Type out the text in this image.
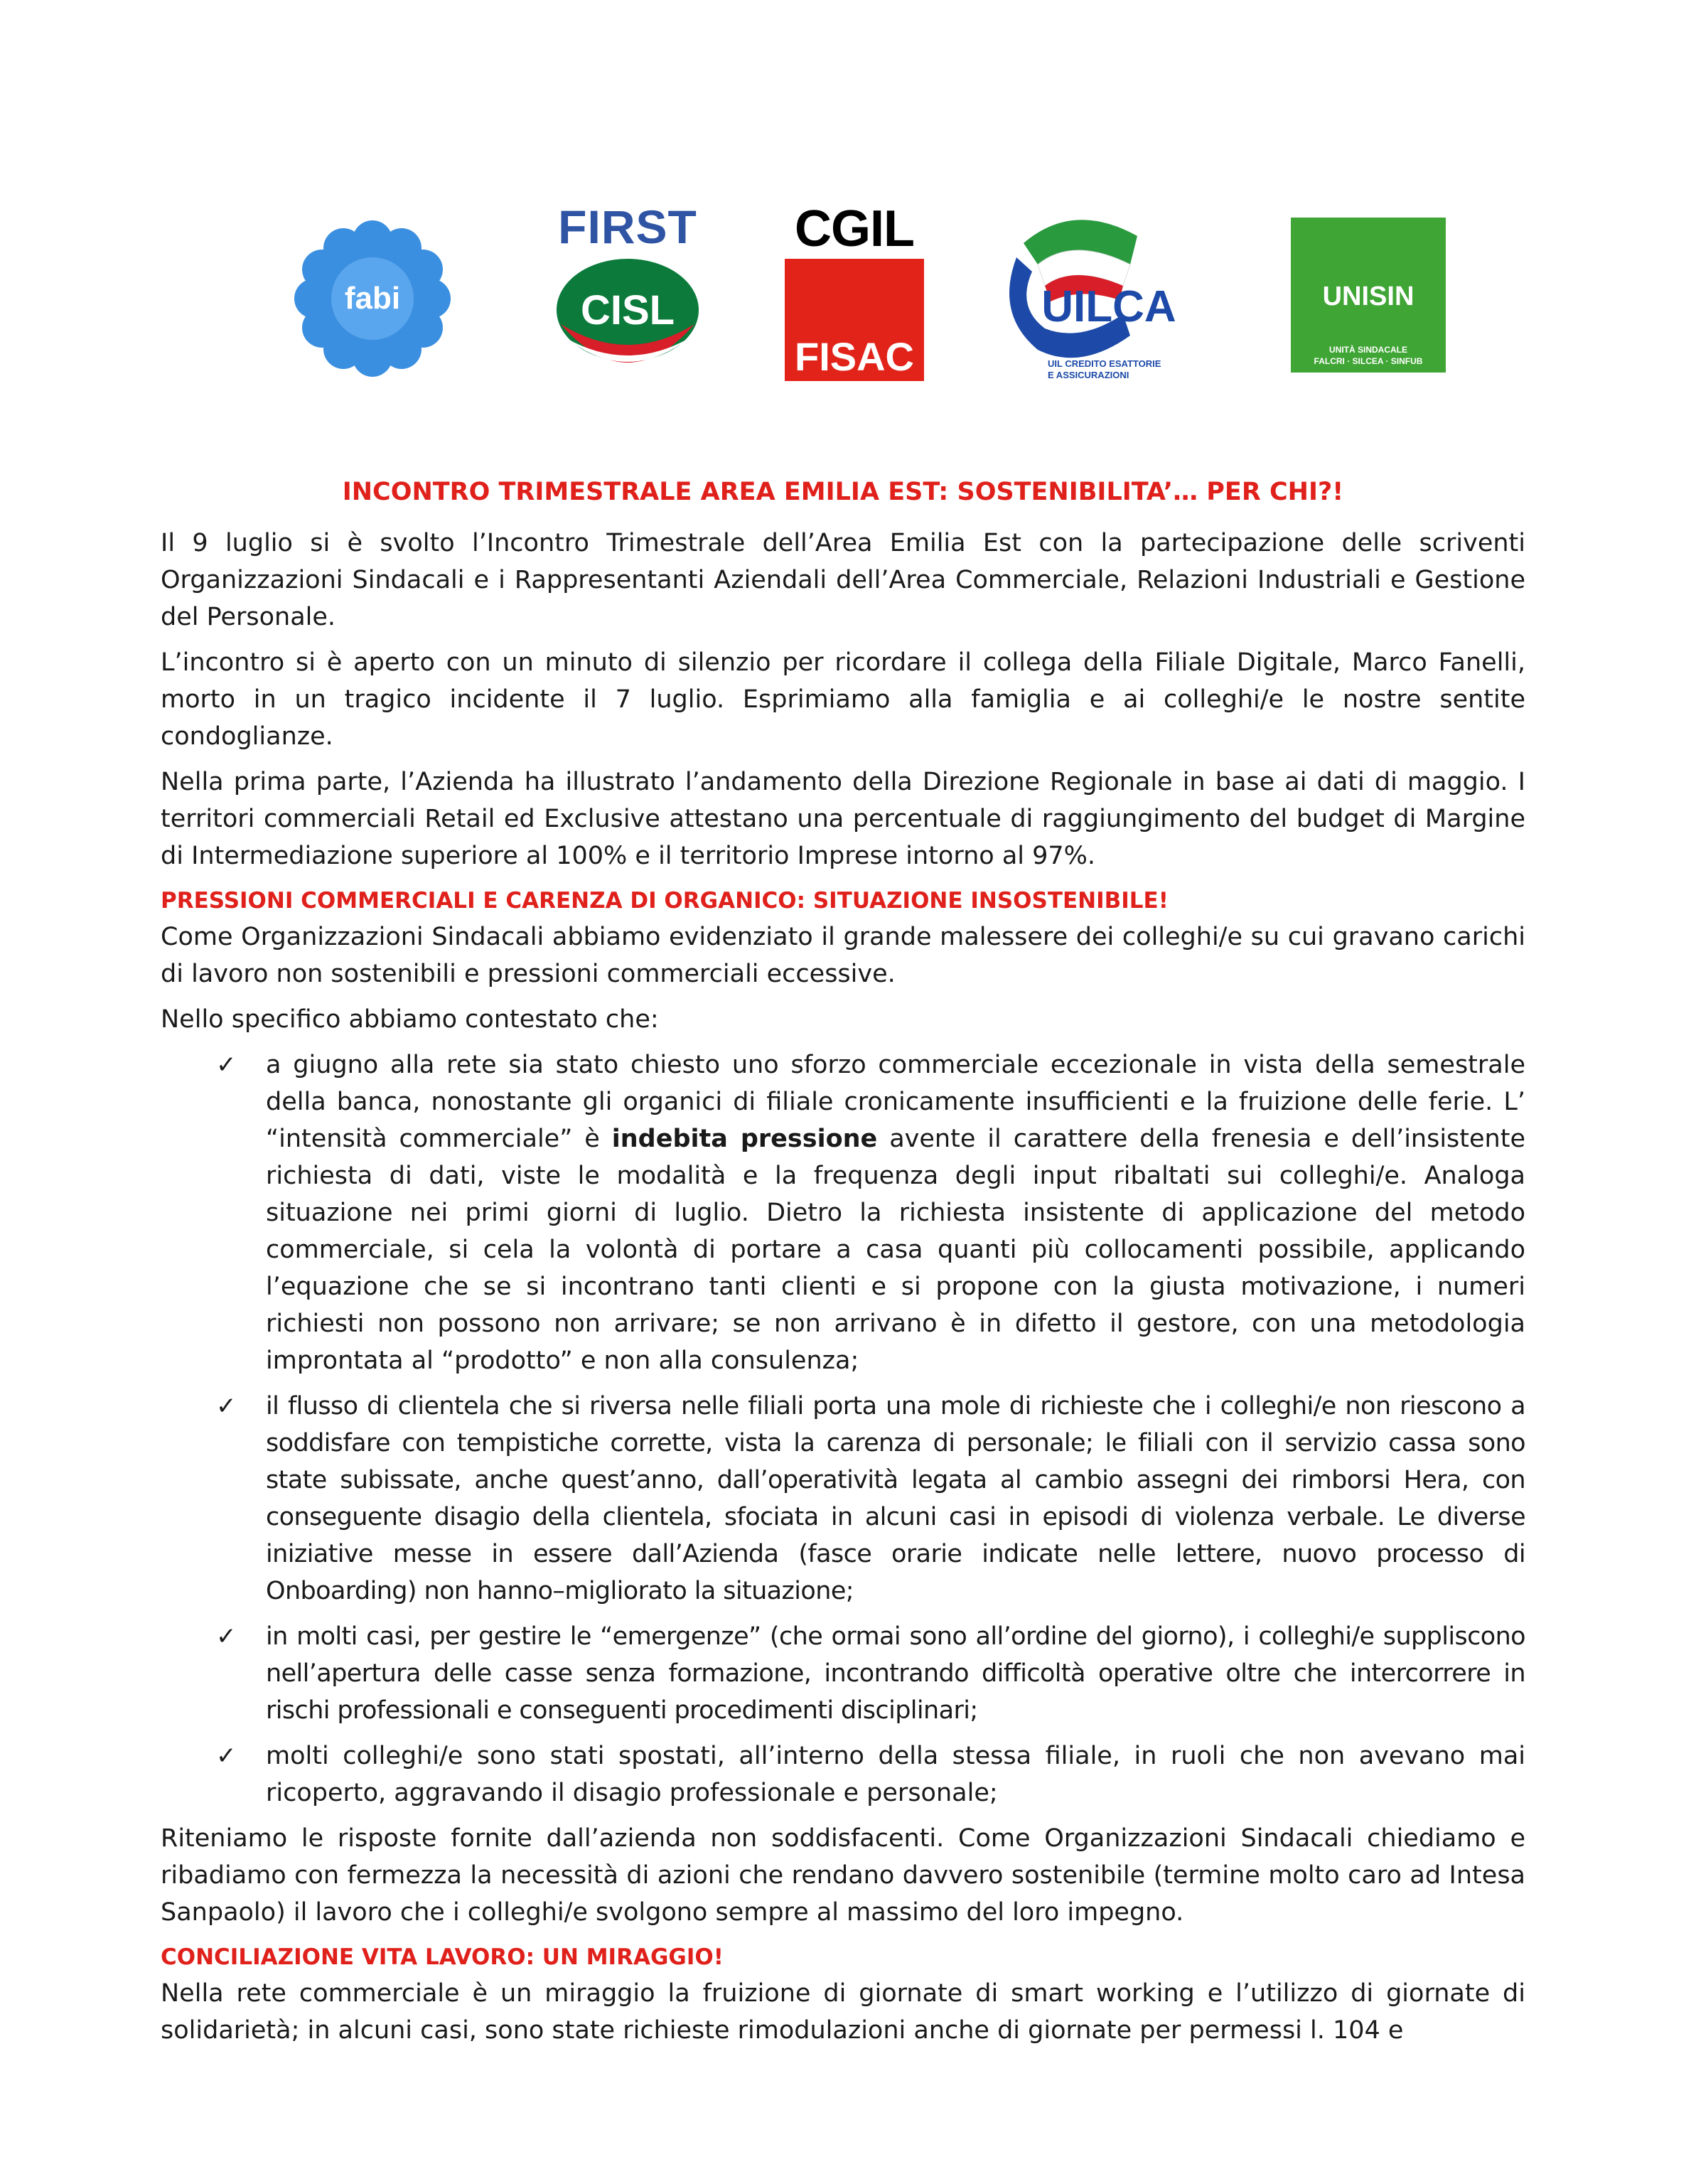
fabi
FIRST
CISL
CGIL
FISAC
UILCA
UIL CREDITO ESATTORIE
E ASSICURAZIONI
UNISIN
UNITÀ SINDACALE
FALCRI · SILCEA · SINFUB
INCONTRO TRIMESTRALE AREA EMILIA EST: SOSTENIBILITA’… PER CHI?!

Il 9 luglio si è svolto l’Incontro Trimestrale dell’Area Emilia Est con la partecipazione delle scriventi Organizzazioni Sindacali e i Rappresentanti Aziendali dell’Area Commerciale, Relazioni Industriali e Gestione del Personale.

L’incontro si è aperto con un minuto di silenzio per ricordare il collega della Filiale Digitale, Marco Fanelli, morto in un tragico incidente il 7 luglio. Esprimiamo alla famiglia e ai colleghi/e le nostre sentite condoglianze.

Nella prima parte, l’Azienda ha illustrato l’andamento della Direzione Regionale in base ai dati di maggio. I territori commerciali Retail ed Exclusive attestano una percentuale di raggiungimento del budget di Margine di Intermediazione superiore al 100% e il territorio Imprese intorno al 97%.

PRESSIONI COMMERCIALI E CARENZA DI ORGANICO: SITUAZIONE INSOSTENIBILE!

Come Organizzazioni Sindacali abbiamo evidenziato il grande malessere dei colleghi/e su cui gravano carichi di lavoro non sostenibili e pressioni commerciali eccessive.

Nello specifico abbiamo contestato che:

✓ a giugno alla rete sia stato chiesto uno sforzo commerciale eccezionale in vista della semestrale della banca, nonostante gli organici di filiale cronicamente insufficienti e la fruizione delle ferie. L’ “intensità commerciale” è indebita pressione avente il carattere della frenesia e dell’insistente richiesta di dati, viste le modalità e la frequenza degli input ribaltati sui colleghi/e. Analoga situazione nei primi giorni di luglio. Dietro la richiesta insistente di applicazione del metodo commerciale, si cela la volontà di portare a casa quanti più collocamenti possibile, applicando l’equazione che se si incontrano tanti clienti e si propone con la giusta motivazione, i numeri richiesti non possono non arrivare; se non arrivano è in difetto il gestore, con una metodologia improntata al “prodotto” e non alla consulenza;
✓ il flusso di clientela che si riversa nelle filiali porta una mole di richieste che i colleghi/e non riescono a soddisfare con tempistiche corrette, vista la carenza di personale; le filiali con il servizio cassa sono state subissate, anche quest’anno, dall’operatività legata al cambio assegni dei rimborsi Hera, con conseguente disagio della clientela, sfociata in alcuni casi in episodi di violenza verbale. Le diverse iniziative messe in essere dall’Azienda (fasce orarie indicate nelle lettere, nuovo processo di Onboarding) non hanno–migliorato la situazione;
✓ in molti casi, per gestire le “emergenze” (che ormai sono all’ordine del giorno), i colleghi/e suppliscono nell’apertura delle casse senza formazione, incontrando difficoltà operative oltre che intercorrere in rischi professionali e conseguenti procedimenti disciplinari;
✓ molti colleghi/e sono stati spostati, all’interno della stessa filiale, in ruoli che non avevano mai ricoperto, aggravando il disagio professionale e personale;

Riteniamo le risposte fornite dall’azienda non soddisfacenti. Come Organizzazioni Sindacali chiediamo e ribadiamo con fermezza la necessità di azioni che rendano davvero sostenibile (termine molto caro ad Intesa Sanpaolo) il lavoro che i colleghi/e svolgono sempre al massimo del loro impegno.

CONCILIAZIONE VITA LAVORO: UN MIRAGGIO!

Nella rete commerciale è un miraggio la fruizione di giornate di smart working e l’utilizzo di giornate di solidarietà; in alcuni casi, sono state richieste rimodulazioni anche di giornate per permessi l. 104 e
